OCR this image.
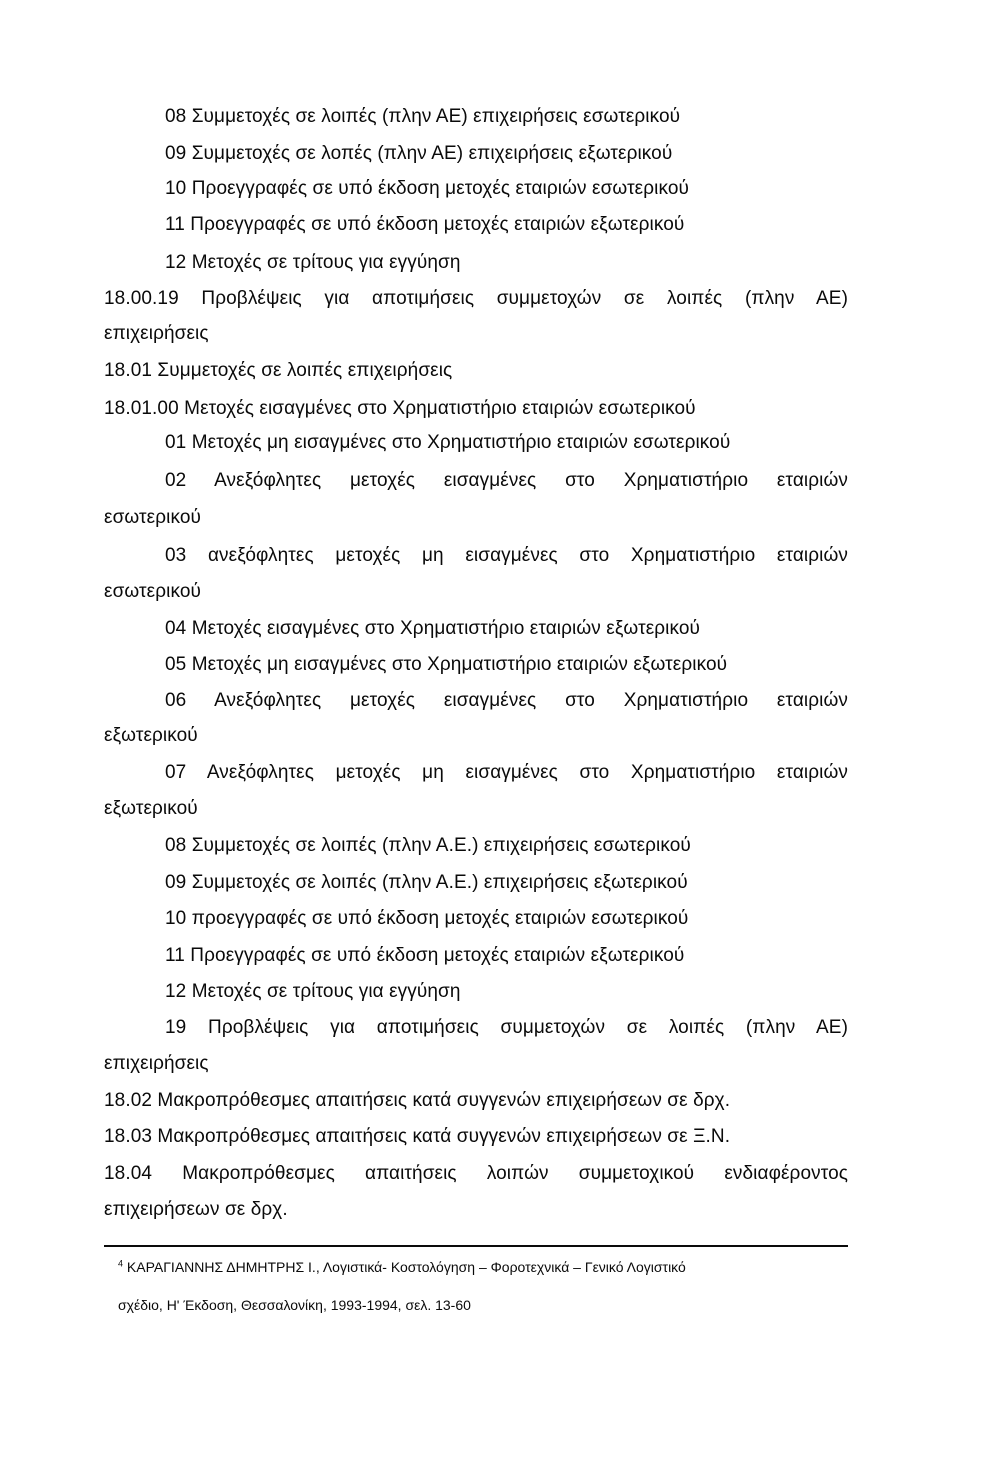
08 Συμμετοχές σε λοιπές (πλην ΑΕ) επιχειρήσεις εσωτερικού
09 Συμμετοχές σε λοπές (πλην ΑΕ) επιχειρήσεις εξωτερικού
10 Προεγγραφές σε υπό έκδοση μετοχές εταιριών εσωτερικού
11 Προεγγραφές σε υπό έκδοση μετοχές εταιριών εξωτερικού
12 Μετοχές σε τρίτους για εγγύηση
18.00.19 Προβλέψεις για αποτιμήσεις συμμετοχών σε λοιπές (πλην ΑΕ)
επιχειρήσεις
18.01 Συμμετοχές σε λοιπές επιχειρήσεις
18.01.00 Μετοχές εισαγμένες στο Χρηματιστήριο εταιριών εσωτερικού
01 Μετοχές μη εισαγμένες στο Χρηματιστήριο εταιριών εσωτερικού
02 Ανεξόφλητες μετοχές εισαγμένες στο Χρηματιστήριο εταιριών
εσωτερικού
03 ανεξόφλητες μετοχές μη εισαγμένες στο Χρηματιστήριο εταιριών
εσωτερικού
04 Μετοχές εισαγμένες στο Χρηματιστήριο εταιριών εξωτερικού
05 Μετοχές μη εισαγμένες στο Χρηματιστήριο εταιριών εξωτερικού
06 Ανεξόφλητες μετοχές εισαγμένες στο Χρηματιστήριο εταιριών
εξωτερικού
07 Ανεξόφλητες μετοχές μη εισαγμένες στο Χρηματιστήριο εταιριών
εξωτερικού
08 Συμμετοχές σε λοιπές (πλην Α.Ε.) επιχειρήσεις εσωτερικού
09 Συμμετοχές σε λοιπές (πλην Α.Ε.) επιχειρήσεις εξωτερικού
10 προεγγραφές σε υπό έκδοση μετοχές εταιριών εσωτερικού
11 Προεγγραφές σε υπό έκδοση μετοχές εταιριών εξωτερικού
12 Μετοχές σε τρίτους για εγγύηση
19 Προβλέψεις για αποτιμήσεις συμμετοχών σε λοιπές (πλην ΑΕ)
επιχειρήσεις
18.02 Μακροπρόθεσμες απαιτήσεις κατά συγγενών επιχειρήσεων σε δρχ.
18.03 Μακροπρόθεσμες απαιτήσεις κατά συγγενών επιχειρήσεων σε Ξ.Ν.
18.04 Μακροπρόθεσμες απαιτήσεις λοιπών συμμετοχικού ενδιαφέροντος
επιχειρήσεων σε δρχ.
$^4$ ΚΑΡΑΓΙΑΝΝΗΣ ΔΗΜΗΤΡΗΣ Ι., Λογιστικά- Κοστολόγηση – Φοροτεχνικά – Γενικό Λογιστικό
σχέδιο, Η' Έκδοση, Θεσσαλονίκη, 1993-1994, σελ. 13-60
